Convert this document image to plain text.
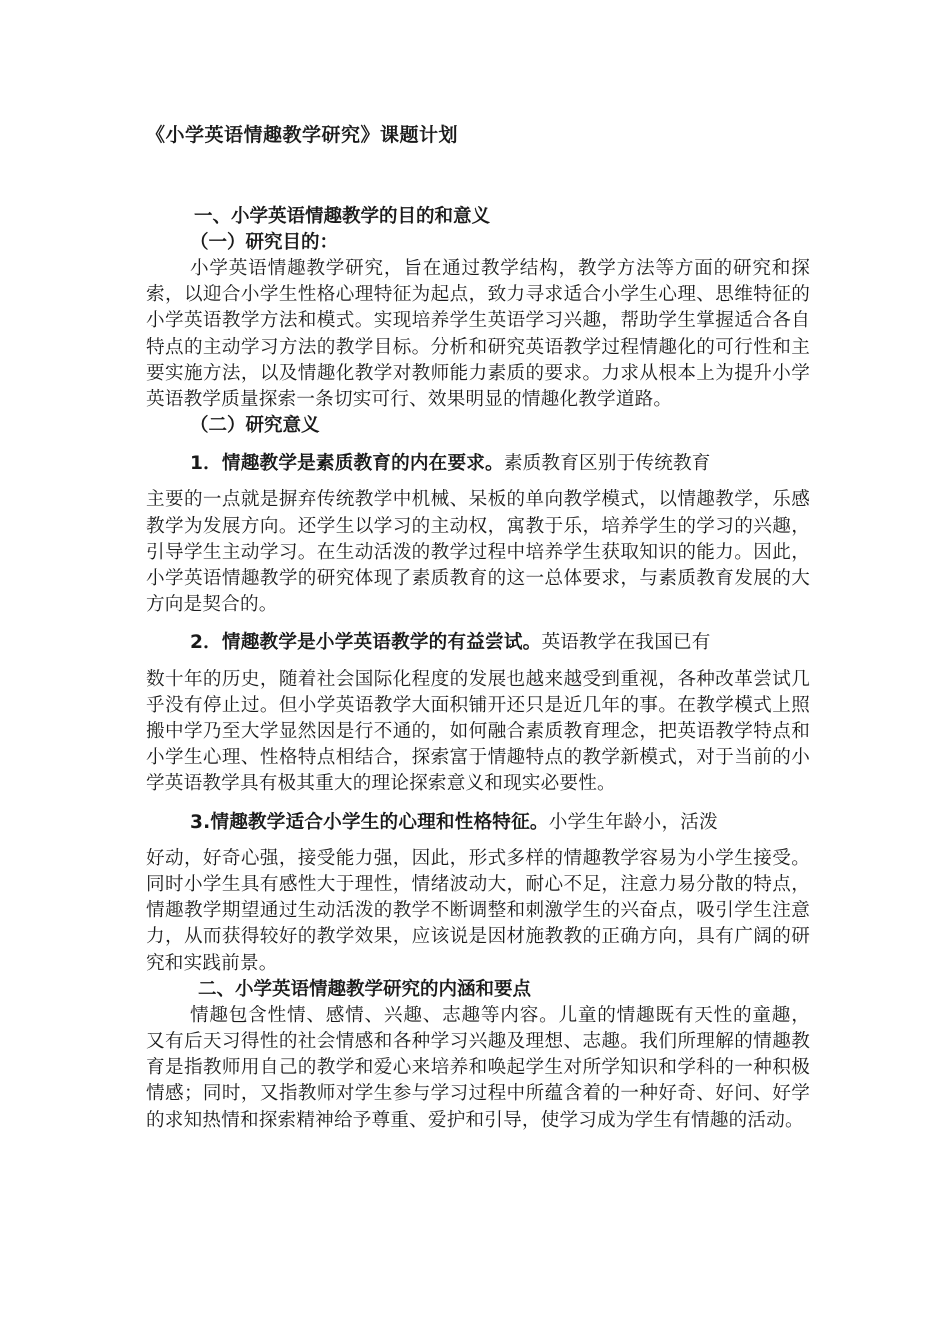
《小学英语情趣教学研究》课题计划

一、小学英语情趣教学的目的和意义

（一）研究目的：

小学英语情趣教学研究，旨在通过教学结构，教学方法等方面的研究和探索，以迎合小学生性格心理特征为起点，致力寻求适合小学生心理、思维特征的小学英语教学方法和模式。实现培养学生英语学习兴趣，帮助学生掌握适合各自特点的主动学习方法的教学目标。分析和研究英语教学过程情趣化的可行性和主要实施方法，以及情趣化教学对教师能力素质的要求。力求从根本上为提升小学英语教学质量探索一条切实可行、效果明显的情趣化教学道路。

（二）研究意义

1．情趣教学是素质教育的内在要求。素质教育区别于传统教育

主要的一点就是摒弃传统教学中机械、呆板的单向教学模式，以情趣教学，乐感教学为发展方向。还学生以学习的主动权，寓教于乐，培养学生的学习的兴趣，引导学生主动学习。在生动活泼的教学过程中培养学生获取知识的能力。因此，小学英语情趣教学的研究体现了素质教育的这一总体要求，与素质教育发展的大方向是契合的。

2．情趣教学是小学英语教学的有益尝试。英语教学在我国已有

数十年的历史，随着社会国际化程度的发展也越来越受到重视，各种改革尝试几乎没有停止过。但小学英语教学大面积铺开还只是近几年的事。在教学模式上照搬中学乃至大学显然因是行不通的，如何融合素质教育理念，把英语教学特点和小学生心理、性格特点相结合，探索富于情趣特点的教学新模式，对于当前的小学英语教学具有极其重大的理论探索意义和现实必要性。

3.情趣教学适合小学生的心理和性格特征。小学生年龄小，活泼

好动，好奇心强，接受能力强，因此，形式多样的情趣教学容易为小学生接受。同时小学生具有感性大于理性，情绪波动大，耐心不足，注意力易分散的特点，情趣教学期望通过生动活泼的教学不断调整和刺激学生的兴奋点，吸引学生注意力，从而获得较好的教学效果，应该说是因材施教教的正确方向，具有广阔的研究和实践前景。

二、小学英语情趣教学研究的内涵和要点

情趣包含性情、感情、兴趣、志趣等内容。儿童的情趣既有天性的童趣，又有后天习得性的社会情感和各种学习兴趣及理想、志趣。我们所理解的情趣教育是指教师用自己的教学和爱心来培养和唤起学生对所学知识和学科的一种积极情感；同时，又指教师对学生参与学习过程中所蕴含着的一种好奇、好问、好学的求知热情和探索精神给予尊重、爱护和引导，使学习成为学生有情趣的活动。
